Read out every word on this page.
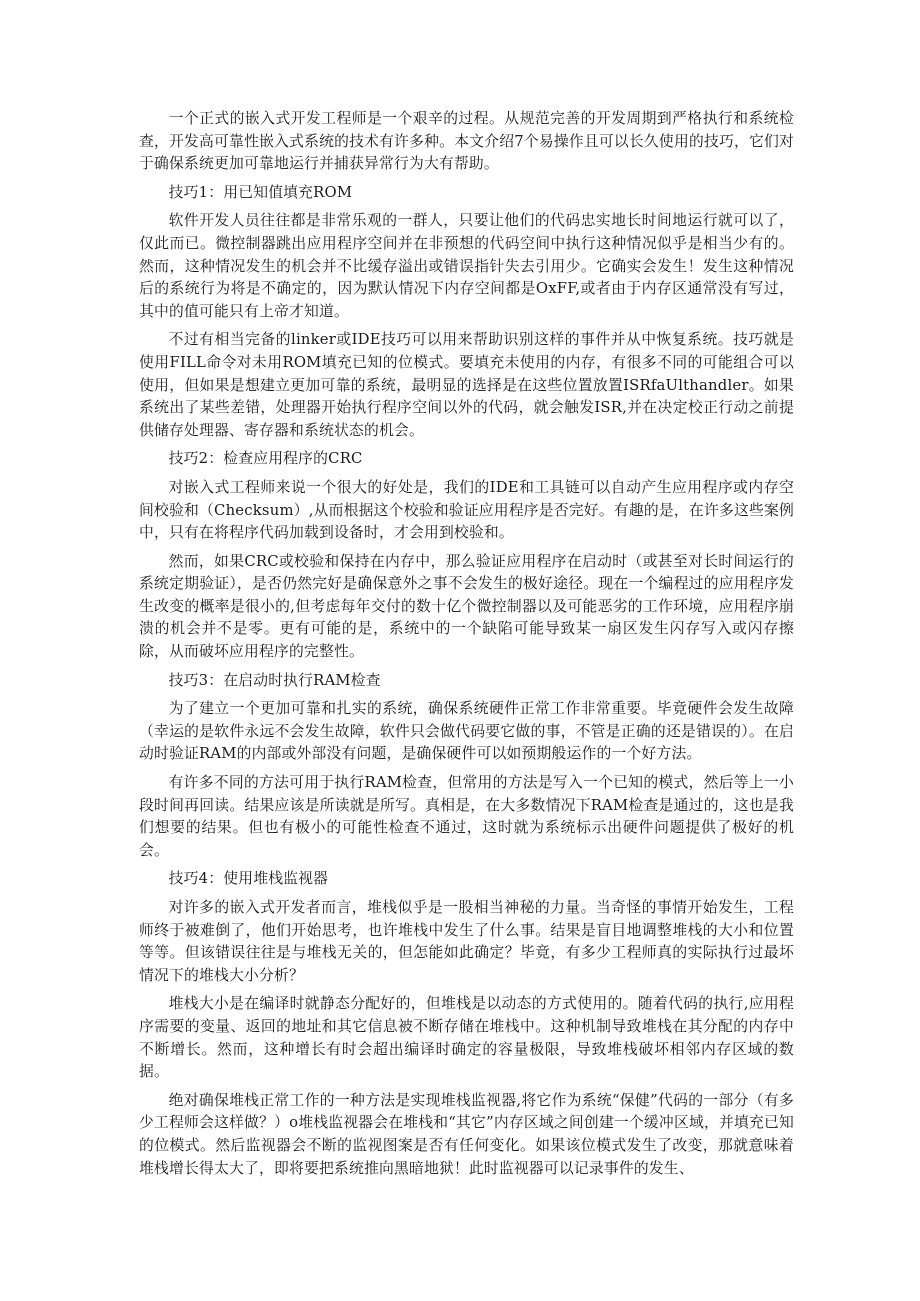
一个正式的嵌入式开发工程师是一个艰辛的过程。从规范完善的开发周期到严格执行和系统检查，开发高可靠性嵌入式系统的技术有许多种。本文介绍7个易操作且可以长久使用的技巧，它们对于确保系统更加可靠地运行并捕获异常行为大有帮助。

技巧1：用已知值填充ROM

软件开发人员往往都是非常乐观的一群人，只要让他们的代码忠实地长时间地运行就可以了，仅此而已。微控制器跳出应用程序空间并在非预想的代码空间中执行这种情况似乎是相当少有的。然而，这种情况发生的机会并不比缓存溢出或错误指针失去引用少。它确实会发生！发生这种情况后的系统行为将是不确定的，因为默认情况下内存空间都是OxFF,或者由于内存区通常没有写过，其中的值可能只有上帝才知道。

不过有相当完备的linker或IDE技巧可以用来帮助识别这样的事件并从中恢复系统。技巧就是使用FILL命令对未用ROM填充已知的位模式。要填充未使用的内存，有很多不同的可能组合可以使用，但如果是想建立更加可靠的系统，最明显的选择是在这些位置放置ISRfaUlthandler。如果系统出了某些差错，处理器开始执行程序空间以外的代码，就会触发ISR,并在决定校正行动之前提供储存处理器、寄存器和系统状态的机会。

技巧2：检查应用程序的CRC

对嵌入式工程师来说一个很大的好处是，我们的IDE和工具链可以自动产生应用程序或内存空间校验和（Checksum）,从而根据这个校验和验证应用程序是否完好。有趣的是，在许多这些案例中，只有在将程序代码加载到设备时，才会用到校验和。

然而，如果CRC或校验和保持在内存中，那么验证应用程序在启动时（或甚至对长时间运行的系统定期验证），是否仍然完好是确保意外之事不会发生的极好途径。现在一个编程过的应用程序发生改变的概率是很小的,但考虑每年交付的数十亿个微控制器以及可能恶劣的工作环境，应用程序崩溃的机会并不是零。更有可能的是，系统中的一个缺陷可能导致某一扇区发生闪存写入或闪存擦除，从而破坏应用程序的完整性。

技巧3：在启动时执行RAM检查

为了建立一个更加可靠和扎实的系统，确保系统硬件正常工作非常重要。毕竟硬件会发生故障（幸运的是软件永远不会发生故障，软件只会做代码要它做的事，不管是正确的还是错误的）。在启动时验证RAM的内部或外部没有问题，是确保硬件可以如预期般运作的一个好方法。

有许多不同的方法可用于执行RAM检查，但常用的方法是写入一个已知的模式，然后等上一小段时间再回读。结果应该是所读就是所写。真相是，在大多数情况下RAM检查是通过的，这也是我们想要的结果。但也有极小的可能性检查不通过，这时就为系统标示出硬件问题提供了极好的机会。

技巧4：使用堆栈监视器

对许多的嵌入式开发者而言，堆栈似乎是一股相当神秘的力量。当奇怪的事情开始发生，工程师终于被难倒了，他们开始思考，也许堆栈中发生了什么事。结果是盲目地调整堆栈的大小和位置等等。但该错误往往是与堆栈无关的，但怎能如此确定？毕竟，有多少工程师真的实际执行过最坏情况下的堆栈大小分析？

堆栈大小是在编译时就静态分配好的，但堆栈是以动态的方式使用的。随着代码的执行,应用程序需要的变量、返回的地址和其它信息被不断存储在堆栈中。这种机制导致堆栈在其分配的内存中不断增长。然而，这种增长有时会超出编译时确定的容量极限，导致堆栈破坏相邻内存区域的数据。

绝对确保堆栈正常工作的一种方法是实现堆栈监视器,将它作为系统“保健”代码的一部分（有多少工程师会这样做？）o堆栈监视器会在堆栈和“其它”内存区域之间创建一个缓冲区域，并填充已知的位模式。然后监视器会不断的监视图案是否有任何变化。如果该位模式发生了改变，那就意味着堆栈增长得太大了，即将要把系统推向黑暗地狱！此时监视器可以记录事件的发生、
